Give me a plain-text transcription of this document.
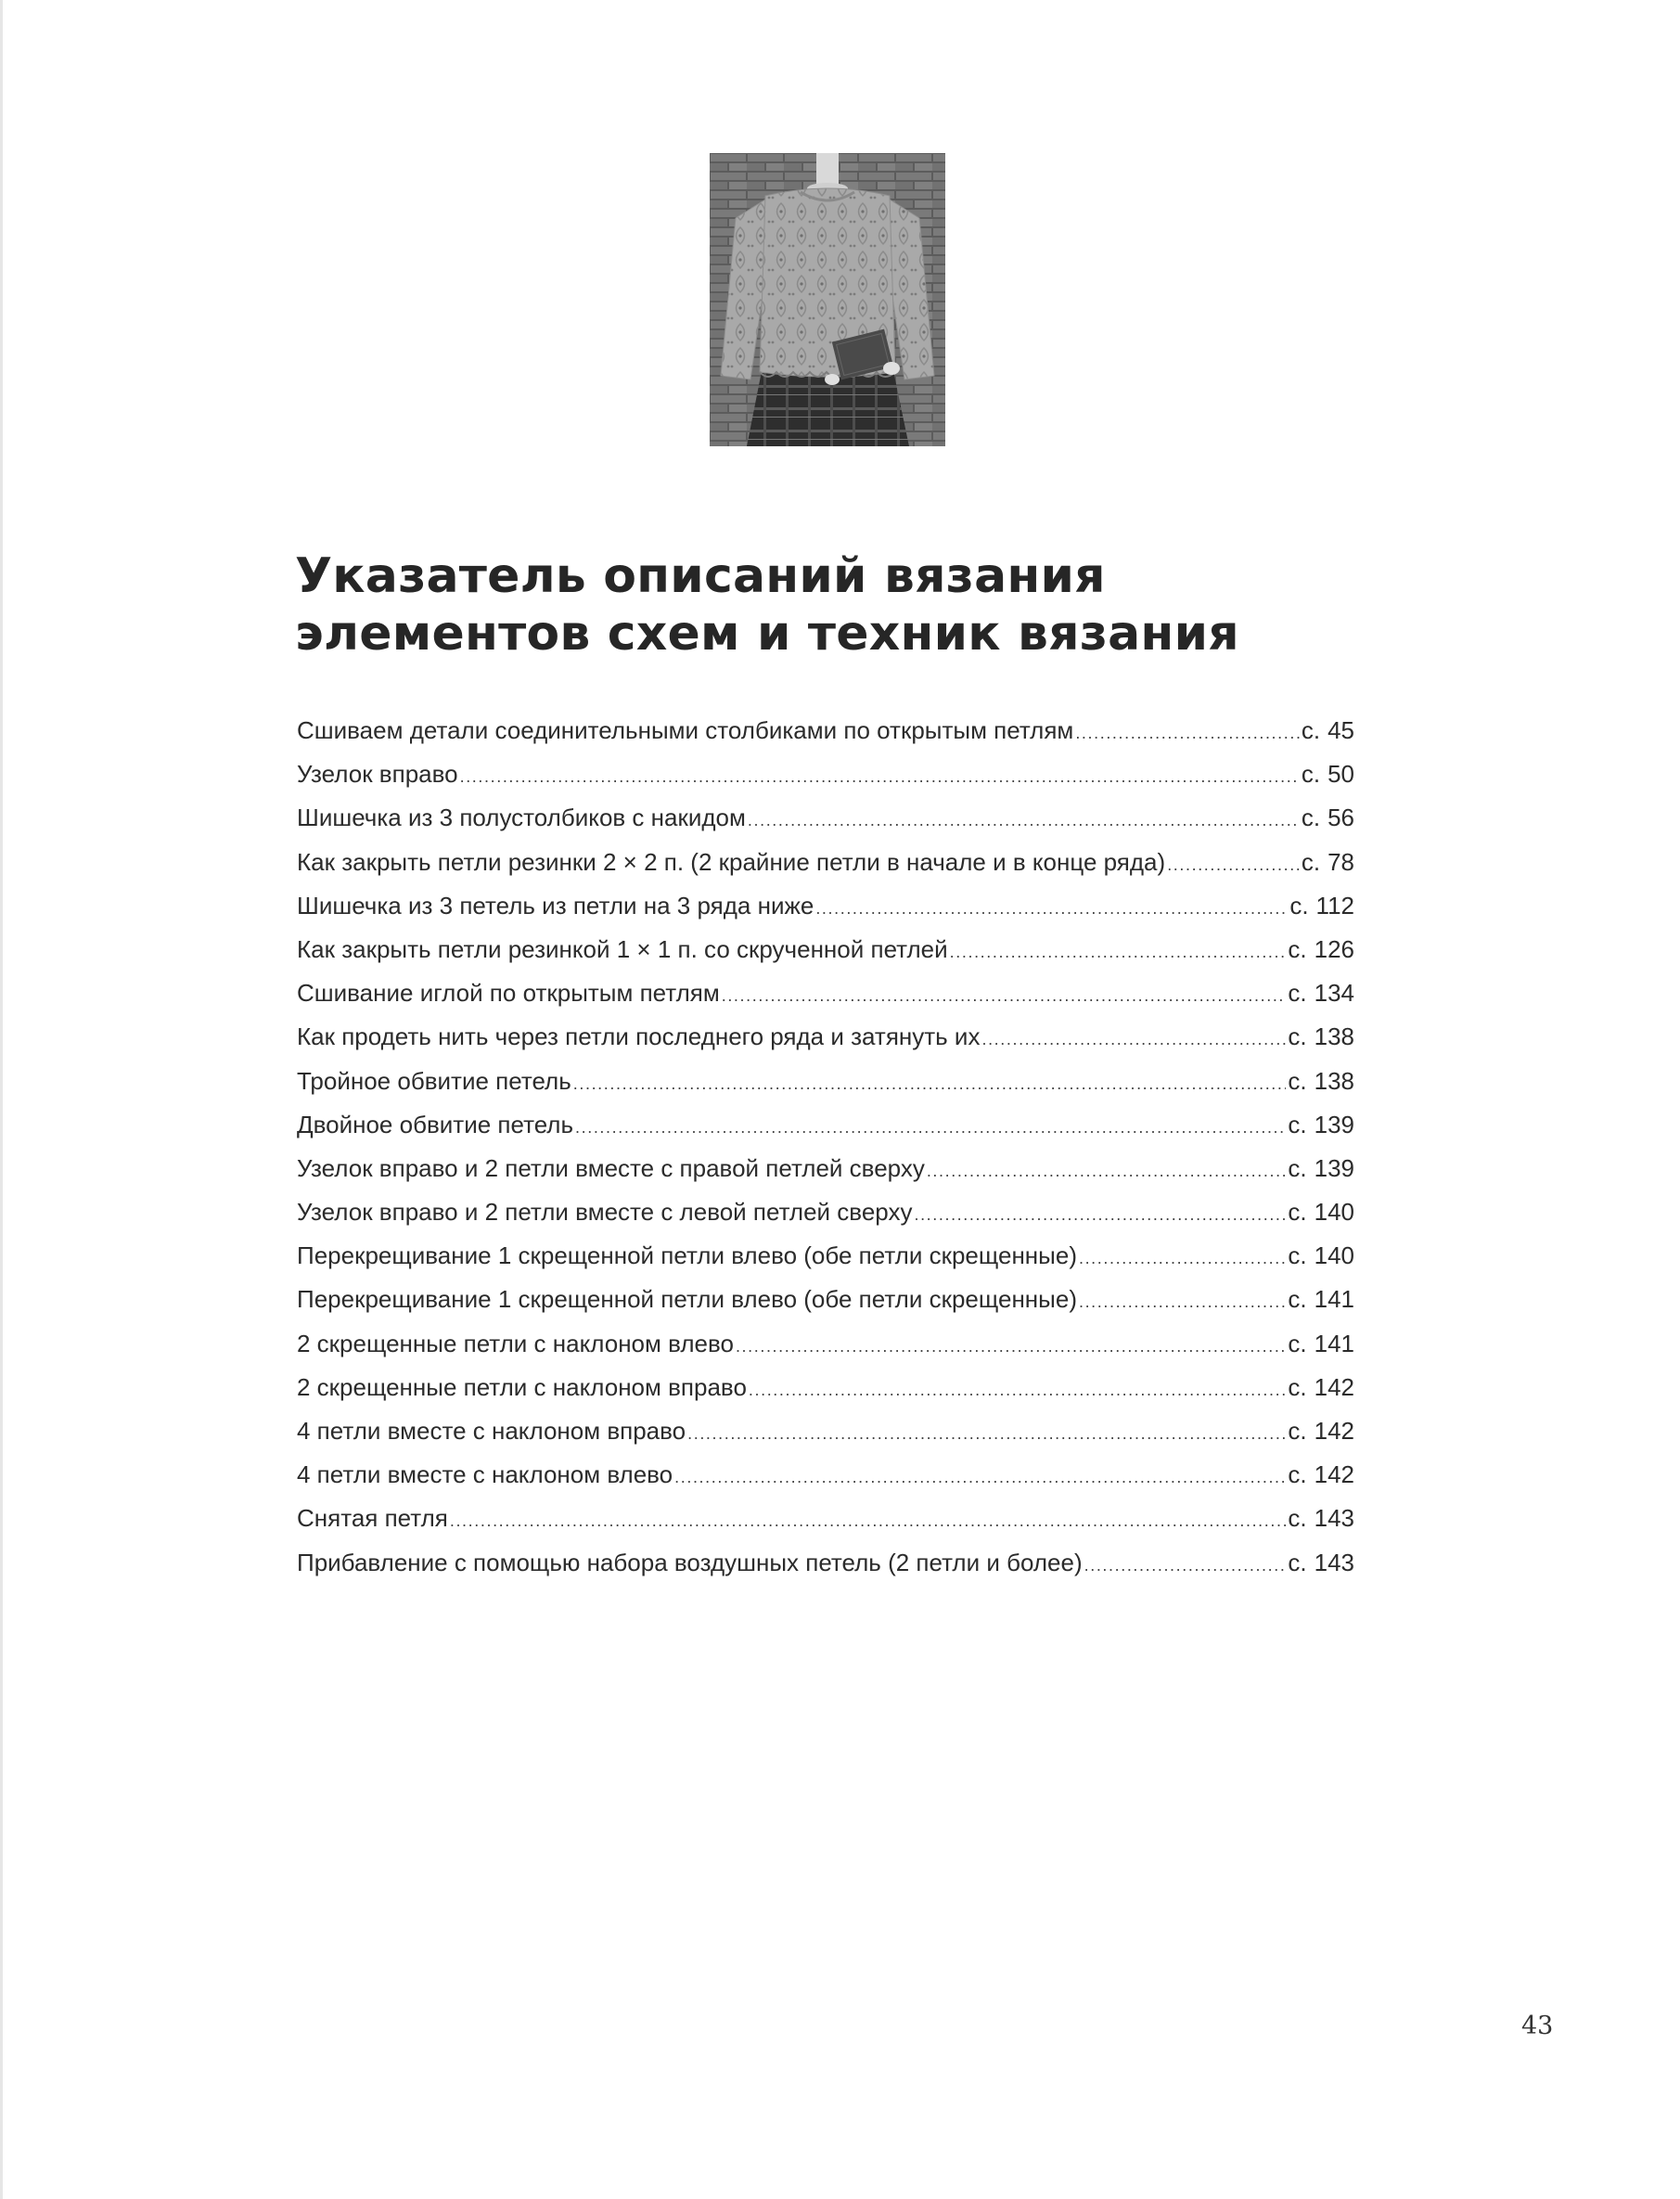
Указатель описаний вязания
элементов схем и техник вязания
Сшиваем детали соединительными столбиками по открытым петлям .....	с. 45
Узелок вправо .....	с. 50
Шишечка из 3 полустолбиков с накидом .....	с. 56
Как закрыть петли резинки 2 × 2 п. (2 крайние петли в начале и в конце ряда) .....	с. 78
Шишечка из 3 петель из петли на 3 ряда ниже .....	с. 112
Как закрыть петли резинкой 1 × 1 п. со скрученной петлей .....	с. 126
Сшивание иглой по открытым петлям .....	с. 134
Как продеть нить через петли последнего ряда и затянуть их .....	с. 138
Тройное обвитие петель .....	с. 138
Двойное обвитие петель .....	с. 139
Узелок вправо и 2 петли вместе с правой петлей сверху .....	с. 139
Узелок вправо и 2 петли вместе с левой петлей сверху .....	с. 140
Перекрещивание 1 скрещенной петли влево (обе петли скрещенные) .....	с. 140
Перекрещивание 1 скрещенной петли влево (обе петли скрещенные) .....	с. 141
2 скрещенные петли с наклоном влево .....	с. 141
2 скрещенные петли с наклоном вправо .....	с. 142
4 петли вместе с наклоном вправо .....	с. 142
4 петли вместе с наклоном влево .....	с. 142
Снятая петля .....	с. 143
Прибавление с помощью набора воздушных петель (2 петли и более) .....	с. 143
43
